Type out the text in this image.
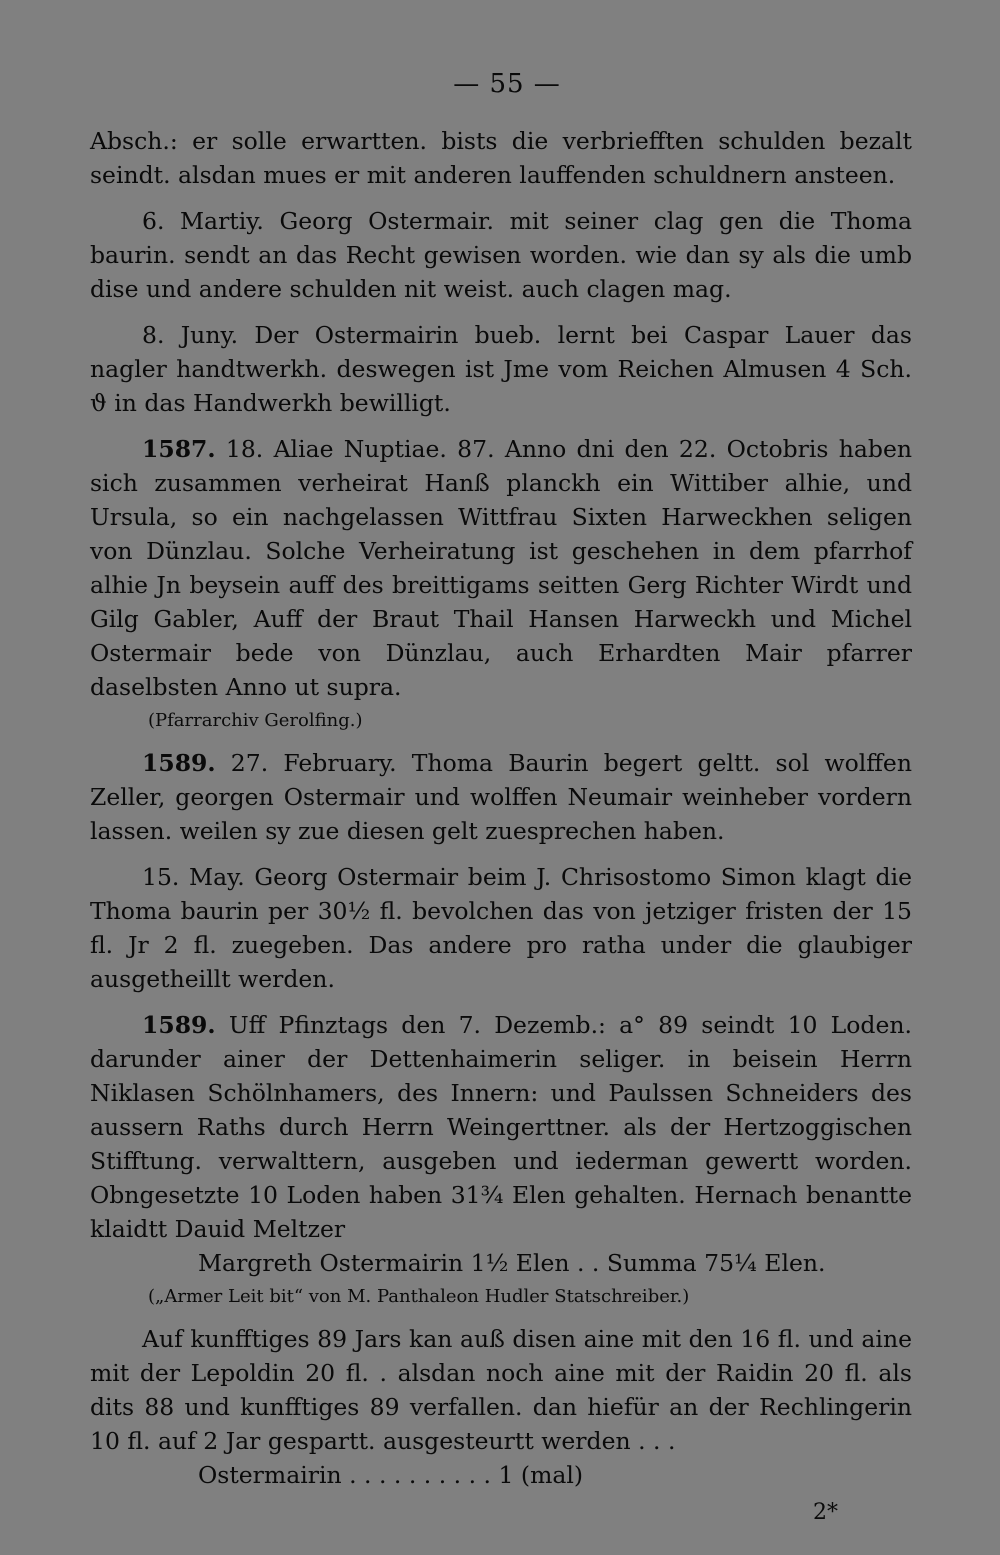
— 55 —

Absch.: er solle erwartten. bists die verbriefften schulden bezalt seindt. alsdan mues er mit anderen lauffenden schuldnern ansteen.

6. Martiy. Georg Ostermair. mit seiner clag gen die Thoma baurin. sendt an das Recht gewisen worden. wie dan sy als die umb dise und andere schulden nit weist. auch clagen mag.

8. Juny. Der Ostermairin bueb. lernt bei Caspar Lauer das nagler handtwerkh. deswegen ist Jme vom Reichen Almusen 4 Sch. ϑ in das Handwerkh bewilligt.

1587. 18. Aliae Nuptiae. 87. Anno dni den 22. Octobris haben sich zusammen verheirat Hanß planckh ein Wittiber alhie, und Ursula, so ein nachgelassen Wittfrau Sixten Harweckhen seligen von Dünzlau. Solche Verheiratung ist geschehen in dem pfarrhof alhie Jn beysein auff des breittigams seitten Gerg Richter Wirdt und Gilg Gabler, Auff der Braut Thail Hansen Harweckh und Michel Ostermair bede von Dünzlau, auch Erhardten Mair pfarrer daselbsten Anno ut supra.

(Pfarrarchiv Gerolfing.)

1589. 27. February. Thoma Baurin begert geltt. sol wolffen Zeller, georgen Ostermair und wolffen Neumair weinheber vordern lassen. weilen sy zue diesen gelt zuesprechen haben.

15. May. Georg Ostermair beim J. Chrisostomo Simon klagt die Thoma baurin per 30½ fl. bevolchen das von jetziger fristen der 15 fl. Jr 2 fl. zuegeben. Das andere pro ratha under die glaubiger ausgetheillt werden.

1589. Uff Pfinztags den 7. Dezemb.: a° 89 seindt 10 Loden. darunder ainer der Dettenhaimerin seliger. in beisein Herrn Niklasen Schölnhamers, des Innern: und Paulssen Schneiders des aussern Raths durch Herrn Weingerttner. als der Hertzoggischen Stifftung. verwalttern, ausgeben und iederman gewertt worden. Obngesetzte 10 Loden haben 31¾ Elen gehalten. Hernach benantte klaidtt Dauid Meltzer

Margreth Ostermairin 1½ Elen . . Summa 75¼ Elen.

(„Armer Leit bit“ von M. Panthaleon Hudler Statschreiber.)

Auf kunfftiges 89 Jars kan auß disen aine mit den 16 fl. und aine mit der Lepoldin 20 fl. . alsdan noch aine mit der Raidin 20 fl. als dits 88 und kunfftiges 89 verfallen. dan hiefür an der Rechlingerin 10 fl. auf 2 Jar gespartt. ausgesteurtt werden . . .

Ostermairin . . . . . . . . . . 1 (mal)

2*
